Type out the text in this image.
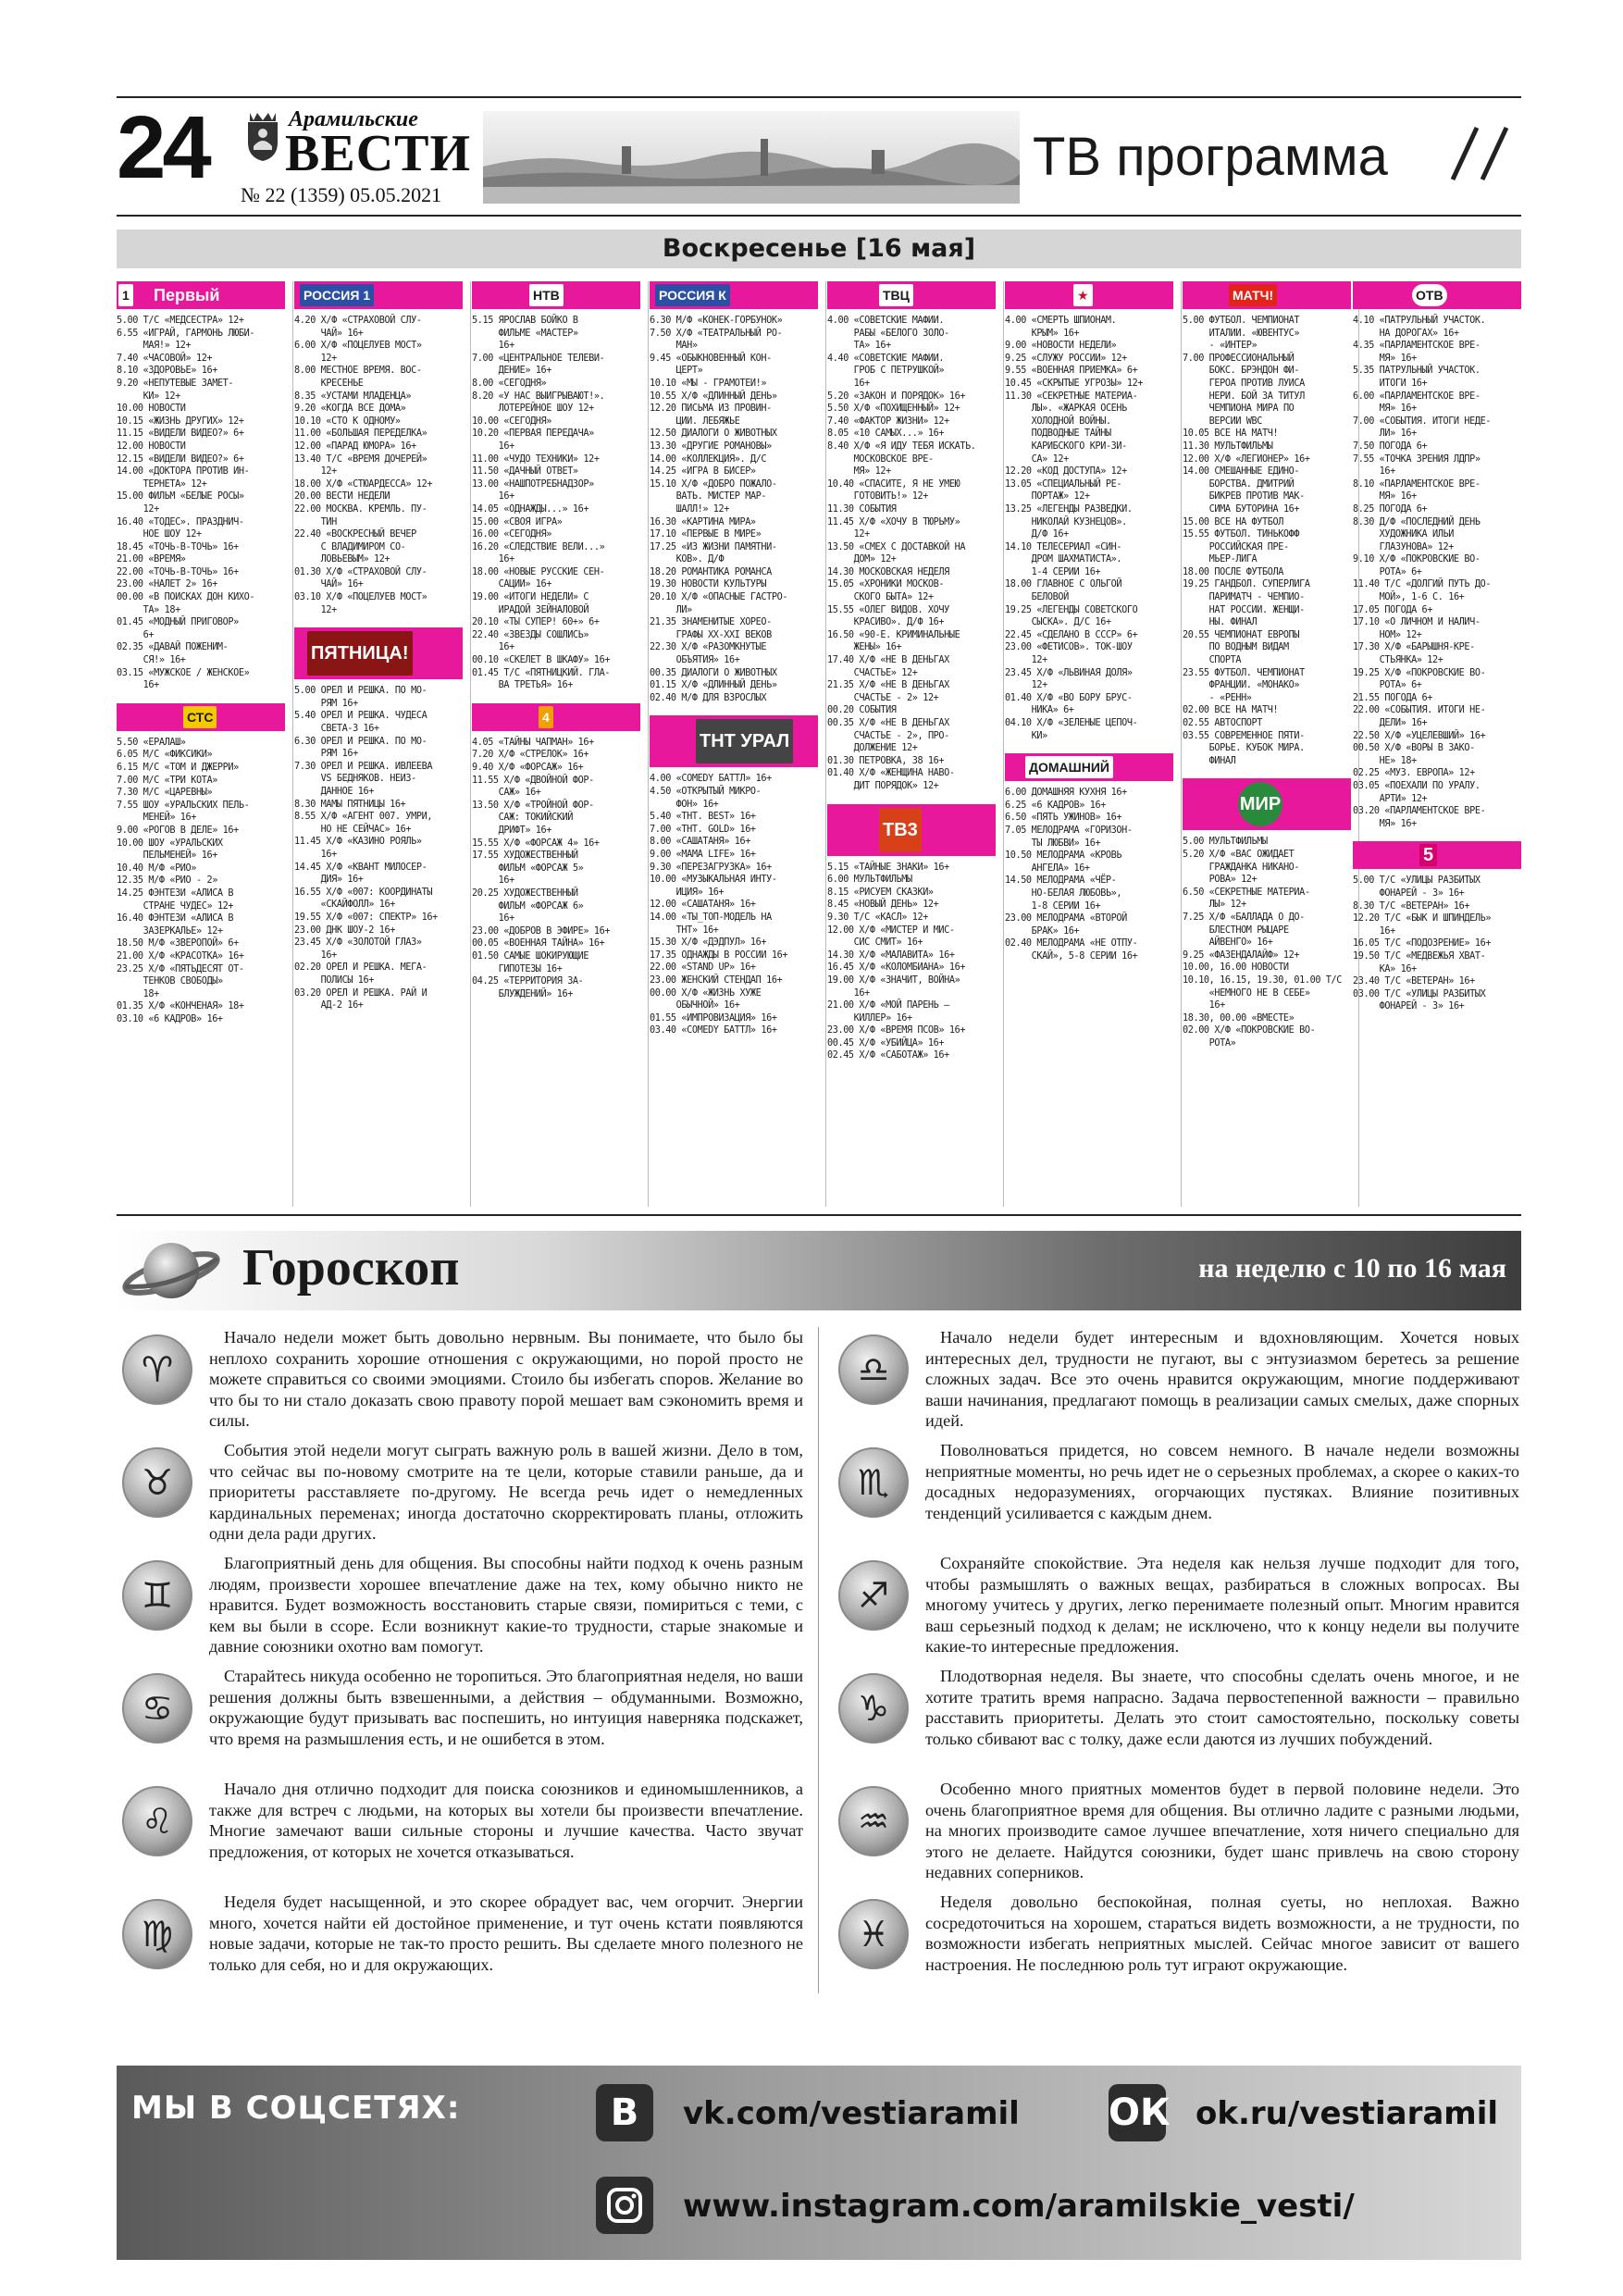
24	Арамильские
ВЕСТИ
№ 22 (1359) 05.05.2021
ТВ программа
Воскресенье [16 мая]
1 Первый
5.00 Т/С «МЕДСЕСТРА» 12+
6.55 «ИГРАЙ, ГАРМОНЬ ЛЮБИ-
МАЯ!» 12+
7.40 «ЧАСОВОЙ» 12+
8.10 «ЗДОРОВЬЕ» 16+
9.20 «НЕПУТЕВЫЕ ЗАМЕТ-
КИ» 12+
10.00 НОВОСТИ
10.15 «ЖИЗНЬ ДРУГИХ» 12+
11.15 «ВИДЕЛИ ВИДЕО?» 6+
12.00 НОВОСТИ
12.15 «ВИДЕЛИ ВИДЕО?» 6+
14.00 «ДОКТОРА ПРОТИВ ИН-
ТЕРНЕТА» 12+
15.00 ФИЛЬМ «БЕЛЫЕ РОСЫ»
12+
16.40 «ТОДЕС». ПРАЗДНИЧ-
НОЕ ШОУ 12+
18.45 «ТОЧЬ-В-ТОЧЬ» 16+
21.00 «ВРЕМЯ»
22.00 «ТОЧЬ-В-ТОЧЬ» 16+
23.00 «НАЛЕТ 2» 16+
00.00 «В ПОИСКАХ ДОН КИХО-
ТА» 18+
01.45 «МОДНЫЙ ПРИГОВОР»
6+
02.35 «ДАВАЙ ПОЖЕНИМ-
СЯ!» 16+
03.15 «МУЖСКОЕ / ЖЕНСКОЕ»
16+
СТС
5.50 «ЕРАЛАШ»
6.05 М/С «ФИКСИКИ»
6.15 М/С «ТОМ И ДЖЕРРИ»
7.00 М/С «ТРИ КОТА»
7.30 М/С «ЦАРЕВНЫ»
7.55 ШОУ «УРАЛЬСКИХ ПЕЛЬ-
МЕНЕЙ» 16+
9.00 «РОГОВ В ДЕЛЕ» 16+
10.00 ШОУ «УРАЛЬСКИХ
ПЕЛЬМЕНЕЙ» 16+
10.40 М/Ф «РИО»
12.35 М/Ф «РИО - 2»
14.25 ФЭНТЕЗИ «АЛИСА В
СТРАНЕ ЧУДЕС» 12+
16.40 ФЭНТЕЗИ «АЛИСА В
ЗАЗЕРКАЛЬЕ» 12+
18.50 М/Ф «ЗВЕРОПОЙ» 6+
21.00 Х/Ф «КРАСОТКА» 16+
23.25 Х/Ф «ПЯТЬДЕСЯТ ОТ-
ТЕНКОВ СВОБОДЫ»
18+
01.35 Х/Ф «КОНЧЕНАЯ» 18+
03.10 «6 КАДРОВ» 16+
РОССИЯ 1
4.20 Х/Ф «СТРАХОВОЙ СЛУ-
ЧАЙ» 16+
6.00 Х/Ф «ПОЦЕЛУЕВ МОСТ»
12+
8.00 МЕСТНОЕ ВРЕМЯ. ВОС-
КРЕСЕНЬЕ
8.35 «УСТАМИ МЛАДЕНЦА»
9.20 «КОГДА ВСЕ ДОМА»
10.10 «СТО К ОДНОМУ»
11.00 «БОЛЬШАЯ ПЕРЕДЕЛКА»
12.00 «ПАРАД ЮМОРА» 16+
13.40 Т/С «ВРЕМЯ ДОЧЕРЕЙ»
12+
18.00 Х/Ф «СТЮАРДЕССА» 12+
20.00 ВЕСТИ НЕДЕЛИ
22.00 МОСКВА. КРЕМЛЬ. ПУ-
ТИН
22.40 «ВОСКРЕСНЫЙ ВЕЧЕР
С ВЛАДИМИРОМ СО-
ЛОВЬЕВЫМ» 12+
01.30 Х/Ф «СТРАХОВОЙ СЛУ-
ЧАЙ» 16+
03.10 Х/Ф «ПОЦЕЛУЕВ МОСТ»
12+
ПЯТНИЦА!
5.00 ОРЕЛ И РЕШКА. ПО МО-
РЯМ 16+
5.40 ОРЕЛ И РЕШКА. ЧУДЕСА
СВЕТА-3 16+
6.30 ОРЕЛ И РЕШКА. ПО МО-
РЯМ 16+
7.30 ОРЕЛ И РЕШКА. ИВЛЕЕВА
VS БЕДНЯКОВ. НЕИЗ-
ДАННОЕ 16+
8.30 МАМЫ ПЯТНИЦЫ 16+
8.55 Х/Ф «АГЕНТ 007. УМРИ,
НО НЕ СЕЙЧАС» 16+
11.45 Х/Ф «КАЗИНО РОЯЛЬ»
16+
14.45 Х/Ф «КВАНТ МИЛОСЕР-
ДИЯ» 16+
16.55 Х/Ф «007: КООРДИНАТЫ
«СКАЙФОЛЛ» 16+
19.55 Х/Ф «007: СПЕКТР» 16+
23.00 ДНК ШОУ-2 16+
23.45 Х/Ф «ЗОЛОТОЙ ГЛАЗ»
16+
02.20 ОРЕЛ И РЕШКА. МЕГА-
ПОЛИСЫ 16+
03.20 ОРЕЛ И РЕШКА. РАЙ И
АД-2 16+
НТВ
5.15 ЯРОСЛАВ БОЙКО В
ФИЛЬМЕ «МАСТЕР»
16+
7.00 «ЦЕНТРАЛЬНОЕ ТЕЛЕВИ-
ДЕНИЕ» 16+
8.00 «СЕГОДНЯ»
8.20 «У НАС ВЫИГРЫВАЮТ!».
ЛОТЕРЕЙНОЕ ШОУ 12+
10.00 «СЕГОДНЯ»
10.20 «ПЕРВАЯ ПЕРЕДАЧА»
16+
11.00 «ЧУДО ТЕХНИКИ» 12+
11.50 «ДАЧНЫЙ ОТВЕТ»
13.00 «НАШПОТРЕБНАДЗОР»
16+
14.05 «ОДНАЖДЫ...» 16+
15.00 «СВОЯ ИГРА»
16.00 «СЕГОДНЯ»
16.20 «СЛЕДСТВИЕ ВЕЛИ...»
16+
18.00 «НОВЫЕ РУССКИЕ СЕН-
САЦИИ» 16+
19.00 «ИТОГИ НЕДЕЛИ» С
ИРАДОЙ ЗЕЙНАЛОВОЙ
20.10 «ТЫ СУПЕР! 60+» 6+
22.40 «ЗВЕЗДЫ СОШЛИСЬ»
16+
00.10 «СКЕЛЕТ В ШКАФУ» 16+
01.45 Т/С «ПЯТНИЦКИЙ. ГЛА-
ВА ТРЕТЬЯ» 16+
4
4.05 «ТАЙНЫ ЧАПМАН» 16+
7.20 Х/Ф «СТРЕЛОК» 16+
9.40 Х/Ф «ФОРСАЖ» 16+
11.55 Х/Ф «ДВОЙНОЙ ФОР-
САЖ» 16+
13.50 Х/Ф «ТРОЙНОЙ ФОР-
САЖ: ТОКИЙСКИЙ
ДРИФТ» 16+
15.55 Х/Ф «ФОРСАЖ 4» 16+
17.55 ХУДОЖЕСТВЕННЫЙ
ФИЛЬМ «ФОРСАЖ 5»
16+
20.25 ХУДОЖЕСТВЕННЫЙ
ФИЛЬМ «ФОРСАЖ 6»
16+
23.00 «ДОБРОВ В ЭФИРЕ» 16+
00.05 «ВОЕННАЯ ТАЙНА» 16+
01.50 САМЫЕ ШОКИРУЮЩИЕ
ГИПОТЕЗЫ 16+
04.25 «ТЕРРИТОРИЯ ЗА-
БЛУЖДЕНИЙ» 16+
РОССИЯ К
6.30 М/Ф «КОНЕК-ГОРБУНОК»
7.50 Х/Ф «ТЕАТРАЛЬНЫЙ РО-
МАН»
9.45 «ОБЫКНОВЕННЫЙ КОН-
ЦЕРТ»
10.10 «МЫ - ГРАМОТЕИ!»
10.55 Х/Ф «ДЛИННЫЙ ДЕНЬ»
12.20 ПИСЬМА ИЗ ПРОВИН-
ЦИИ. ЛЕБЯЖЬЕ
12.50 ДИАЛОГИ О ЖИВОТНЫХ
13.30 «ДРУГИЕ РОМАНОВЫ»
14.00 «КОЛЛЕКЦИЯ». Д/С
14.25 «ИГРА В БИСЕР»
15.10 Х/Ф «ДОБРО ПОЖАЛО-
ВАТЬ. МИСТЕР МАР-
ШАЛЛ!» 12+
16.30 «КАРТИНА МИРА»
17.10 «ПЕРВЫЕ В МИРЕ»
17.25 «ИЗ ЖИЗНИ ПАМЯТНИ-
КОВ». Д/Ф
18.20 РОМАНТИКА РОМАНСА
19.30 НОВОСТИ КУЛЬТУРЫ
20.10 Х/Ф «ОПАСНЫЕ ГАСТРО-
ЛИ»
21.35 ЗНАМЕНИТЫЕ ХОРЕО-
ГРАФЫ XX-XXI ВЕКОВ
22.30 Х/Ф «РАЗОМКНУТЫЕ
ОБЪЯТИЯ» 16+
00.35 ДИАЛОГИ О ЖИВОТНЫХ
01.15 Х/Ф «ДЛИННЫЙ ДЕНЬ»
02.40 М/Ф ДЛЯ ВЗРОСЛЫХ
ТНТ УРАЛ
4.00 «COMEDY БАТТЛ» 16+
4.50 «ОТКРЫТЫЙ МИКРО-
ФОН» 16+
5.40 «ТНТ. BEST» 16+
7.00 «ТНТ. GOLD» 16+
8.00 «САШАТАНЯ» 16+
9.00 «MAMA LIFE» 16+
9.30 «ПЕРЕЗАГРУЗКА» 16+
10.00 «МУЗЫКАЛЬНАЯ ИНТУ-
ИЦИЯ» 16+
12.00 «САШАТАНЯ» 16+
14.00 «ТЫ_ТОП-МОДЕЛЬ НА
ТНТ» 16+
15.30 Х/Ф «ДЭДПУЛ» 16+
17.35 ОДНАЖДЫ В РОССИИ 16+
22.00 «STAND UP» 16+
23.00 ЖЕНСКИЙ СТЕНДАП 16+
00.00 Х/Ф «ЖИЗНЬ ХУЖЕ
ОБЫЧНОЙ» 16+
01.55 «ИМПРОВИЗАЦИЯ» 16+
03.40 «COMEDY БАТТЛ» 16+
ТВЦ
4.00 «СОВЕТСКИЕ МАФИИ.
РАБЫ «БЕЛОГО ЗОЛО-
ТА» 16+
4.40 «СОВЕТСКИЕ МАФИИ.
ГРОБ С ПЕТРУШКОЙ»
16+
5.20 «ЗАКОН И ПОРЯДОК» 16+
5.50 Х/Ф «ПОХИЩЕННЫЙ» 12+
7.40 «ФАКТОР ЖИЗНИ» 12+
8.05 «10 САМЫХ...» 16+
8.40 Х/Ф «Я ИДУ ТЕБЯ ИСКАТЬ.
МОСКОВСКОЕ ВРЕ-
МЯ» 12+
10.40 «СПАСИТЕ, Я НЕ УМЕЮ
ГОТОВИТЬ!» 12+
11.30 СОБЫТИЯ
11.45 Х/Ф «ХОЧУ В ТЮРЬМУ»
12+
13.50 «СМЕХ С ДОСТАВКОЙ НА
ДОМ» 12+
14.30 МОСКОВСКАЯ НЕДЕЛЯ
15.05 «ХРОНИКИ МОСКОВ-
СКОГО БЫТА» 12+
15.55 «ОЛЕГ ВИДОВ. ХОЧУ
КРАСИВО». Д/Ф 16+
16.50 «90-Е. КРИМИНАЛЬНЫЕ
ЖЕНЫ» 16+
17.40 Х/Ф «НЕ В ДЕНЬГАХ
СЧАСТЬЕ» 12+
21.35 Х/Ф «НЕ В ДЕНЬГАХ
СЧАСТЬЕ - 2» 12+
00.20 СОБЫТИЯ
00.35 Х/Ф «НЕ В ДЕНЬГАХ
СЧАСТЬЕ - 2», ПРО-
ДОЛЖЕНИЕ 12+
01.30 ПЕТРОВКА, 38 16+
01.40 Х/Ф «ЖЕНЩИНА НАВО-
ДИТ ПОРЯДОК» 12+
ТВ3
5.15 «ТАЙНЫЕ ЗНАКИ» 16+
6.00 МУЛЬТФИЛЬМЫ
8.15 «РИСУЕМ СКАЗКИ»
8.45 «НОВЫЙ ДЕНЬ» 12+
9.30 Т/С «КАСЛ» 12+
12.00 Х/Ф «МИСТЕР И МИС-
СИС СМИТ» 16+
14.30 Х/Ф «МАЛАВИТА» 16+
16.45 Х/Ф «КОЛОМБИАНА» 16+
19.00 Х/Ф «ЗНАЧИТ, ВОЙНА»
16+
21.00 Х/Ф «МОЙ ПАРЕНЬ –
КИЛЛЕР» 16+
23.00 Х/Ф «ВРЕМЯ ПСОВ» 16+
00.45 Х/Ф «УБИЙЦА» 16+
02.45 Х/Ф «САБОТАЖ» 16+
★
4.00 «СМЕРТЬ ШПИОНАМ.
КРЫМ» 16+
9.00 «НОВОСТИ НЕДЕЛИ»
9.25 «СЛУЖУ РОССИИ» 12+
9.55 «ВОЕННАЯ ПРИЕМКА» 6+
10.45 «СКРЫТЫЕ УГРОЗЫ» 12+
11.30 «СЕКРЕТНЫЕ МАТЕРИА-
ЛЫ». «ЖАРКАЯ ОСЕНЬ
ХОЛОДНОЙ ВОЙНЫ.
ПОДВОДНЫЕ ТАЙНЫ
КАРИБСКОГО КРИ-ЗИ-
СА» 12+
12.20 «КОД ДОСТУПА» 12+
13.05 «СПЕЦИАЛЬНЫЙ РЕ-
ПОРТАЖ» 12+
13.25 «ЛЕГЕНДЫ РАЗВЕДКИ.
НИКОЛАЙ КУЗНЕЦОВ».
Д/Ф 16+
14.10 ТЕЛЕСЕРИАЛ «СИН-
ДРОМ ШАХМАТИСТА».
1-4 СЕРИИ 16+
18.00 ГЛАВНОЕ С ОЛЬГОЙ
БЕЛОВОЙ
19.25 «ЛЕГЕНДЫ СОВЕТСКОГО
СЫСКА». Д/С 16+
22.45 «СДЕЛАНО В СССР» 6+
23.00 «ФЕТИСОВ». ТОК-ШОУ
12+
23.45 Х/Ф «ЛЬВИНАЯ ДОЛЯ»
12+
01.40 Х/Ф «ВО БОРУ БРУС-
НИКА» 6+
04.10 Х/Ф «ЗЕЛЕНЫЕ ЦЕПОЧ-
КИ»
ДОМАШНИЙ
6.00 ДОМАШНЯЯ КУХНЯ 16+
6.25 «6 КАДРОВ» 16+
6.50 «ПЯТЬ УЖИНОВ» 16+
7.05 МЕЛОДРАМА «ГОРИЗОН-
ТЫ ЛЮБВИ» 16+
10.50 МЕЛОДРАМА «КРОВЬ
АНГЕЛА» 16+
14.50 МЕЛОДРАМА «ЧЁР-
НО-БЕЛАЯ ЛЮБОВЬ»,
1-8 СЕРИИ 16+
23.00 МЕЛОДРАМА «ВТОРОЙ
БРАК» 16+
02.40 МЕЛОДРАМА «НЕ ОТПУ-
СКАЙ», 5-8 СЕРИИ 16+
МАТЧ!
5.00 ФУТБОЛ. ЧЕМПИОНАТ
ИТАЛИИ. «ЮВЕНТУС»
- «ИНТЕР»
7.00 ПРОФЕССИОНАЛЬНЫЙ
БОКС. БРЭНДОН ФИ-
ГЕРОА ПРОТИВ ЛУИСА
НЕРИ. БОЙ ЗА ТИТУЛ
ЧЕМПИОНА МИРА ПО
ВЕРСИИ WBC
10.05 ВСЕ НА МАТЧ!
11.30 МУЛЬТФИЛЬМЫ
12.00 Х/Ф «ЛЕГИОНЕР» 16+
14.00 СМЕШАННЫЕ ЕДИНО-
БОРСТВА. ДМИТРИЙ
БИКРЕВ ПРОТИВ МАК-
СИМА БУТОРИНА 16+
15.00 ВСЕ НА ФУТБОЛ
15.55 ФУТБОЛ. ТИНЬКОФФ
РОССИЙСКАЯ ПРЕ-
МЬЕР-ЛИГА
18.00 ПОСЛЕ ФУТБОЛА
19.25 ГАНДБОЛ. СУПЕРЛИГА
ПАРИМАТЧ - ЧЕМПИО-
НАТ РОССИИ. ЖЕНЩИ-
НЫ. ФИНАЛ
20.55 ЧЕМПИОНАТ ЕВРОПЫ
ПО ВОДНЫМ ВИДАМ
СПОРТА
23.55 ФУТБОЛ. ЧЕМПИОНАТ
ФРАНЦИИ. «МОНАКО»
- «РЕНН»
02.00 ВСЕ НА МАТЧ!
02.55 АВТОСПОРТ
03.55 СОВРЕМЕННОЕ ПЯТИ-
БОРЬЕ. КУБОК МИРА.
ФИНАЛ
МИР
5.00 МУЛЬТФИЛЬМЫ
5.20 Х/Ф «ВАС ОЖИДАЕТ
ГРАЖДАНКА НИКАНО-
РОВА» 12+
6.50 «СЕКРЕТНЫЕ МАТЕРИА-
ЛЫ» 12+
7.25 Х/Ф «БАЛЛАДА О ДО-
БЛЕСТНОМ РЫЦАРЕ
АЙВЕНГО» 16+
9.25 «ФАЗЕНДАЛАЙФ» 12+
10.00, 16.00 НОВОСТИ
10.10, 16.15, 19.30, 01.00 Т/С
«НЕМНОГО НЕ В СЕБЕ»
16+
18.30, 00.00 «ВМЕСТЕ»
02.00 Х/Ф «ПОКРОВСКИЕ ВО-
РОТА»
ОТВ
4.10 «ПАТРУЛЬНЫЙ УЧАСТОК.
НА ДОРОГАХ» 16+
4.35 «ПАРЛАМЕНТСКОЕ ВРЕ-
МЯ» 16+
5.35 ПАТРУЛЬНЫЙ УЧАСТОК.
ИТОГИ 16+
6.00 «ПАРЛАМЕНТСКОЕ ВРЕ-
МЯ» 16+
7.00 «СОБЫТИЯ. ИТОГИ НЕДЕ-
ЛИ» 16+
7.50 ПОГОДА 6+
7.55 «ТОЧКА ЗРЕНИЯ ЛДПР»
16+
8.10 «ПАРЛАМЕНТСКОЕ ВРЕ-
МЯ» 16+
8.25 ПОГОДА 6+
8.30 Д/Ф «ПОСЛЕДНИЙ ДЕНЬ
ХУДОЖНИКА ИЛЬИ
ГЛАЗУНОВА» 12+
9.10 Х/Ф «ПОКРОВСКИЕ ВО-
РОТА» 6+
11.40 Т/С «ДОЛГИЙ ПУТЬ ДО-
МОЙ», 1-6 С. 16+
17.05 ПОГОДА 6+
17.10 «О ЛИЧНОМ И НАЛИЧ-
НОМ» 12+
17.30 Х/Ф «БАРЫШНЯ-КРЕ-
СТЬЯНКА» 12+
19.25 Х/Ф «ПОКРОВСКИЕ ВО-
РОТА» 6+
21.55 ПОГОДА 6+
22.00 «СОБЫТИЯ. ИТОГИ НЕ-
ДЕЛИ» 16+
22.50 Х/Ф «УЦЕЛЕВШИЙ» 16+
00.50 Х/Ф «ВОРЫ В ЗАКО-
НЕ» 18+
02.25 «МУЗ. ЕВРОПА» 12+
03.05 «ПОЕХАЛИ ПО УРАЛУ.
АРТИ» 12+
03.20 «ПАРЛАМЕНТСКОЕ ВРЕ-
МЯ» 16+
5
5.00 Т/С «УЛИЦЫ РАЗБИТЫХ
ФОНАРЕЙ - 3» 16+
8.30 Т/С «ВЕТЕРАН» 16+
12.20 Т/С «БЫК И ШПИНДЕЛЬ»
16+
16.05 Т/С «ПОДОЗРЕНИЕ» 16+
19.50 Т/С «МЕДВЕЖЬЯ ХВАТ-
КА» 16+
23.40 Т/С «ВЕТЕРАН» 16+
03.00 Т/С «УЛИЦЫ РАЗБИТЫХ
ФОНАРЕЙ - 3» 16+
Гороскоп	на неделю с 10 по 16 мая
♈

Начало недели может быть довольно нервным. Вы понимаете, что было бы неплохо сохранить хорошие отношения с окружающими, но порой просто не можете справиться со своими эмоциями. Стоило бы избегать споров. Желание во что бы то ни стало доказать свою правоту порой мешает вам сэкономить время и силы.

♉

События этой недели могут сыграть важную роль в вашей жизни. Дело в том, что сейчас вы по-новому смотрите на те цели, которые ставили раньше, да и приоритеты расставляете по-другому. Не всегда речь идет о немедленных кардинальных переменах; иногда достаточно скорректировать планы, отложить одни дела ради других.

♊

Благоприятный день для общения. Вы способны найти подход к очень разным людям, произвести хорошее впечатление даже на тех, кому обычно никто не нравится. Будет возможность восстановить старые связи, помириться с теми, с кем вы были в ссоре. Если возникнут какие-то трудности, старые знакомые и давние союзники охотно вам помогут.

♋

Старайтесь никуда особенно не торопиться. Это благоприятная неделя, но ваши решения должны быть взвешенными, а действия – обдуманными. Возможно, окружающие будут призывать вас поспешить, но интуиция наверняка подскажет, что время на размышления есть, и не ошибется в этом.

♌

Начало дня отлично подходит для поиска союзников и единомышленников, а также для встреч с людьми, на которых вы хотели бы произвести впечатление. Многие замечают ваши сильные стороны и лучшие качества. Часто звучат предложения, от которых не хочется отказываться.

♍

Неделя будет насыщенной, и это скорее обрадует вас, чем огорчит. Энергии много, хочется найти ей достойное применение, и тут очень кстати появляются новые задачи, которые не так-то просто решить. Вы сделаете много полезного не только для себя, но и для окружающих.

♎

Начало недели будет интересным и вдохновляющим. Хочется новых интересных дел, трудности не пугают, вы с энтузиазмом беретесь за решение сложных задач. Все это очень нравится окружающим, многие поддерживают ваши начинания, предлагают помощь в реализации самых смелых, даже спорных идей.

♏

Поволноваться придется, но совсем немного. В начале недели возможны неприятные моменты, но речь идет не о серьезных проблемах, а скорее о каких-то досадных недоразумениях, огорчающих пустяках. Влияние позитивных тенденций усиливается с каждым днем.

♐

Сохраняйте спокойствие. Эта неделя как нельзя лучше подходит для того, чтобы размышлять о важных вещах, разбираться в сложных вопросах. Вы многому учитесь у других, легко перенимаете полезный опыт. Многим нравится ваш серьезный подход к делам; не исключено, что к концу недели вы получите какие-то интересные предложения.

♑

Плодотворная неделя. Вы знаете, что способны сделать очень многое, и не хотите тратить время напрасно. Задача первостепенной важности – правильно расставить приоритеты. Делать это стоит самостоятельно, поскольку советы только сбивают вас с толку, даже если даются из лучших побуждений.

♒

Особенно много приятных моментов будет в первой половине недели. Это очень благоприятное время для общения. Вы отлично ладите с разными людьми, на многих производите самое лучшее впечатление, хотя ничего специально для этого не делаете. Найдутся союзники, будет шанс привлечь на свою сторону недавних соперников.

♓

Неделя довольно беспокойная, полная суеты, но неплохая. Важно сосредоточиться на хорошем, стараться видеть возможности, а не трудности, по возможности избегать неприятных мыслей. Сейчас многое зависит от вашего настроения. Не последнюю роль тут играют окружающие.

МЫ В СОЦСЕТЯХ:	B	vk.com/vestiaramil ОК ok.ru/vestiaramil
www.instagram.com/aramilskie_vesti/
